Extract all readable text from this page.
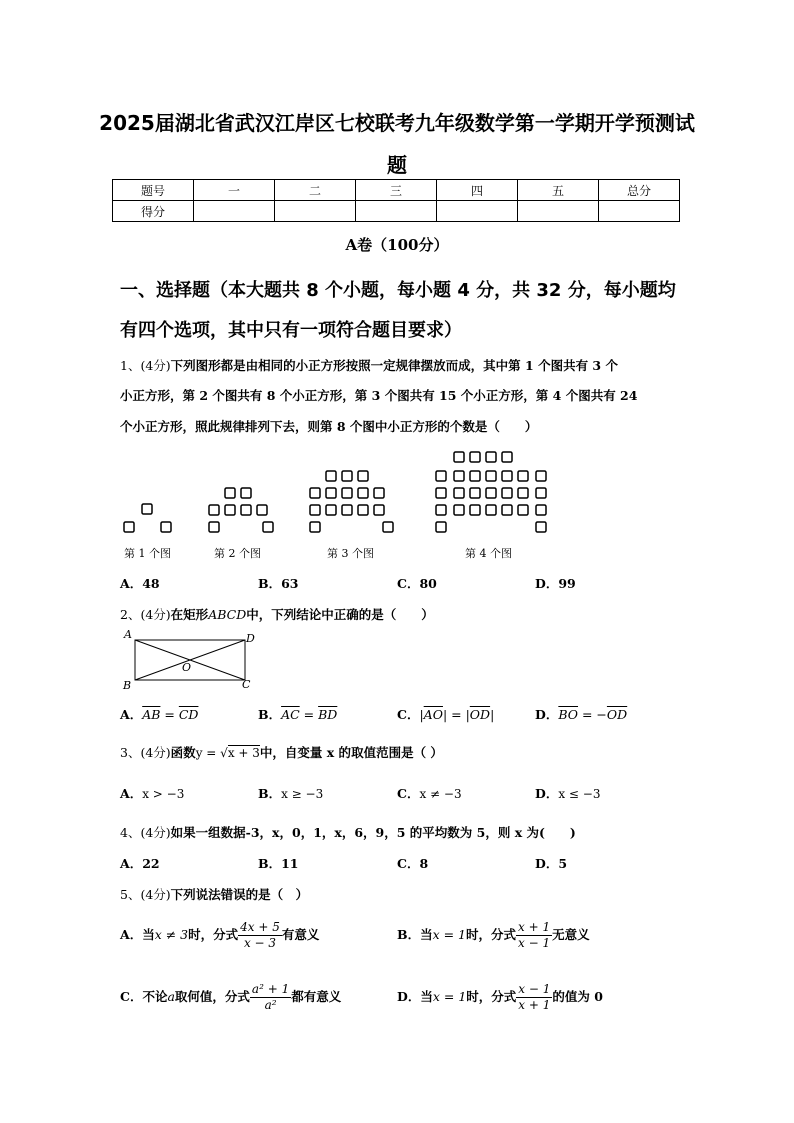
2025届湖北省武汉江岸区七校联考九年级数学第一学期开学预测试
题
题号	一	二	三	四	五	总分
得分						
A卷（100分）
一、选择题（本大题共 8 个小题，每小题 4 分，共 32 分，每小题均
有四个选项，其中只有一项符合题目要求）
1、(4分)下列图形都是由相同的小正方形按照一定规律摆放而成，其中第 1 个图共有 3 个
小正方形，第 2 个图共有 8 个小正方形，第 3 个图共有 15 个小正方形，第 4 个图共有 24
个小正方形，照此规律排列下去，则第 8 个图中小正方形的个数是（　　）
第 1 个图	第 2 个图	第 3 个图	第 4 个图
A．48	B．63	C．80	D．99
2、(4分)在矩形ABCD中，下列结论中正确的是（　　）
A	D
B	C
O
A．$\overline{AB} = \overline{CD}$	B．$\overline{AC} = \overline{BD}$	C．$|\overline{AO}| = |\overline{OD}|$	D．$\overline{BO} = -\overline{OD}$
3、(4分)函数y = √x + 3中，自变量 x 的取值范围是（ ）
A．x > −3	B．x ≥ −3	C．x ≠ −3	D．x ≤ −3
4、(4分)如果一组数据-3，x，0，1，x，6，9，5 的平均数为 5，则 x 为(　　)
A．22	B．11	C．8	D．5
5、(4分)下列说法错误的是（　）
A．当x ≠ 3时，分式 $\frac{4x + 5}{x - 3}$ 有意义	B．当x = 1时，分式 $\frac{x + 1}{x - 1}$ 无意义
C．不论a取何值，分式 $\frac{\text{a² + 1}}{\text{a²}}$ 都有意义	D．当x = 1时，分式 $\frac{x - 1}{x + 1}$ 的值为 0
